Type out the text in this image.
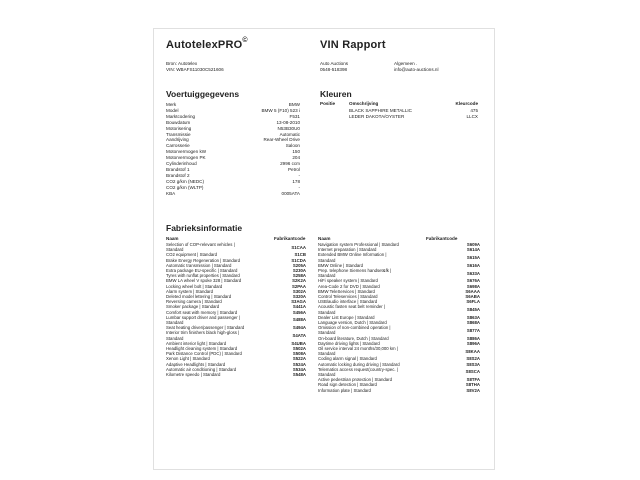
AutotelexPRO©	VIN Rapport
Bron: Autotelex
VIN: WBAFS11030C521606
Auto Auctions
0548-518398
Algemeen .
info@auto-auctions.nl
Voertuiggegevens	Kleuren
Positie	Omschrijving	Kleurcode
Fabrieksinformatie
Naam	Fabrikantcode	Naam	Fabrikantcode
Merk	BMW
Model	BMW 5 (F10) 523 i
Marktcodering	F531
Bouwdatum	13-08-2010
Motorisering	N53B30U0
Transmissie	Automatic
Aandrijving	Rear-Wheel Drive
Carrosserie	Saloon
Motorvermogen kW	150
Motorvermogen PK	204
Cylinderinhoud	2996 ccm
Brandstof 1	Petrol
Brandstof 2	-
CO2 g/km (NEDC)	178
CO2 g/km (WLTP)	-
KBA	0005ATA
BLACK SAPPHIRE METALLIC	475
LEDER DAKOTA/OYSTER	LLCX
Selection of COP-relevant vehicles |
Standard
S1CAA
CO2 equipment | Standard	S1CB
Brake Energy Regeneration | Standard	S1CDA
Automatic transmission | Standard	S205A
Extra package EU-specific | Standard	S230A
Tyres with runflat properties | Standard	S258A
BMW LA wheel V spoke 328 | Standard	S2K2A
Locking wheel bolt | Standard	S2PAA
Alarm system | Standard	S302A
Deleted model lettering | Standard	S320A
Reversing camera | Standard	S3AGA
Smoker package | Standard	S441A
Comfort seat with memory | Standard	S456A
Lumbar support driver and passenger |
Standard
S488A
Seat heating driver/passenger | Standard	S494A
Interior trim finishers black high-gloss |
Standard
S4ATA
Ambient interior light | Standard	S4UBA
Headlight cleaning system | Standard	S502A
Park Distance Control (PDC) | Standard	S508A
Xenon Light | Standard	S522A
Adaptive Headlights | Standard	S524A
Automatic air conditioning | Standard	S534A
Kilometre speedo | Standard	S548A
Navigation system Professional | Standard	S609A
Internet preparation | Standard	S614A
Extended BMW Online Information |
Standard
S615A
BMW Online | Standard	S616A
Prep. telephone Siemens handset&fk |
Standard
S633A
HiFi speaker system | Standard	S676A
Area-Code 2 for DVD | Standard	S698A
BMW TeleServices | Standard	S6AAA
Control Teleservices | Standard	S6ABA
USB/audio interface | Standard	S6FLA
Acoustic fasten seat belt reminder |
Standard
S845A
Dealer List Europe | Standard	S863A
Language version, Dutch | Standard	S868A
Omission of non-combined operation |
Standard
S877A
On-board literature, Dutch | Standard	S886A
Daytime driving lights | Standard	S896A
Oil service interval 24 months/30,000 km |
Standard
S8KAA
Coding alarm signal | Standard	S8S2A
Automatic locking during driving | Standard	S8S3A
Telematics access request(country-spec. |
Standard
S8SCA
Active pedestrian protection | Standard	S8TFA
Road sign detection | Standard	S8THA
Information plate | Standard	S8V2A
